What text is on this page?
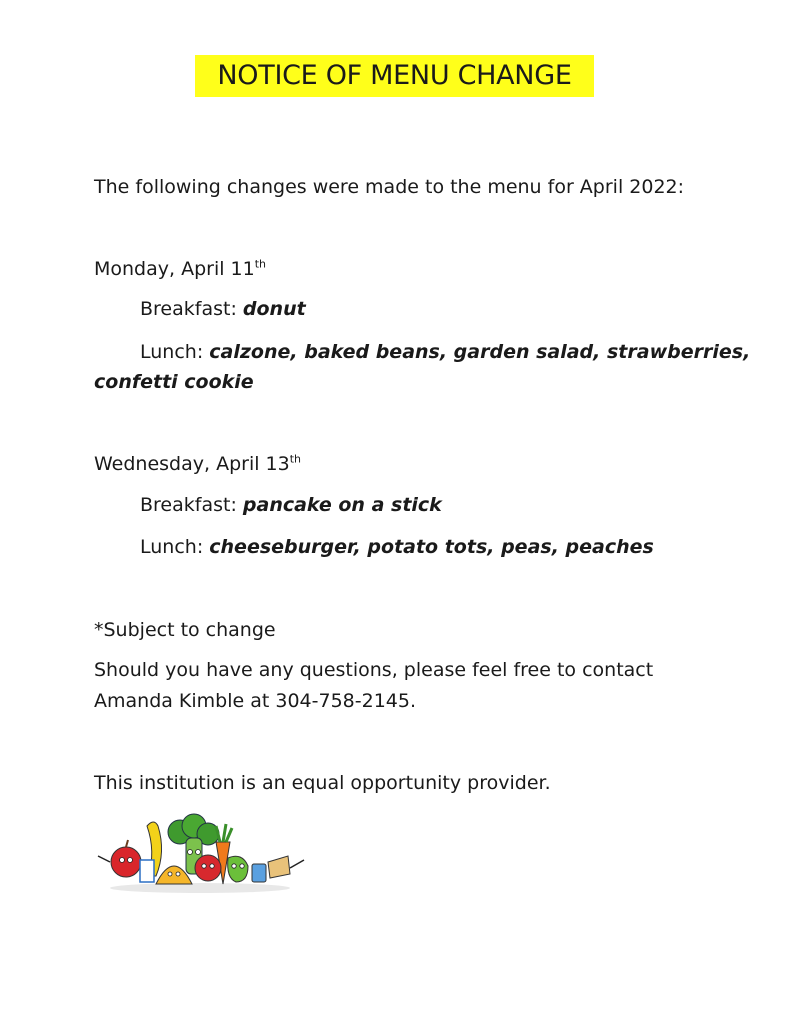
NOTICE OF MENU CHANGE
The following changes were made to the menu for April 2022:
Monday, April 11th
Breakfast: donut
Lunch: calzone, baked beans, garden salad, strawberries,
confetti cookie
Wednesday, April 13th
Breakfast: pancake on a stick
Lunch: cheeseburger, potato tots, peas, peaches
*Subject to change
Should you have any questions, please feel free to contact
Amanda Kimble at 304-758-2145.
This institution is an equal opportunity provider.
